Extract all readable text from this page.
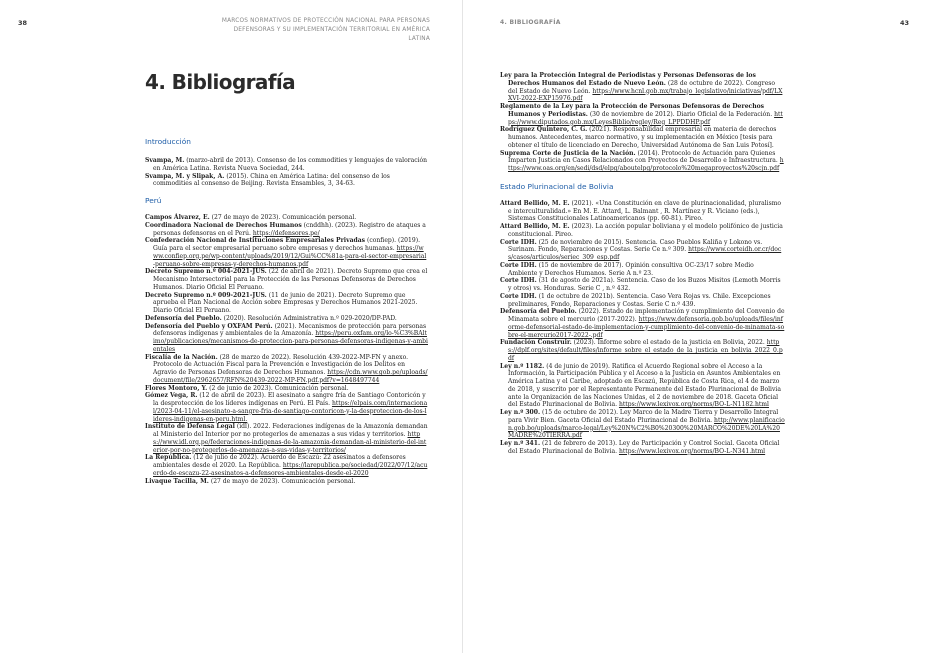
38	MARCOS NORMATIVOS DE PROTECCIÓN NACIONAL PARA PERSONAS DEFENSORAS Y SU IMPLEMENTACIÓN TERRITORIAL EN AMÉRICA LATINA
4. Bibliografía

Introducción

Svampa, M. (marzo-abril de 2013). Consenso de los commodities y lenguajes de valoración en América Latina. Revista Nueva Sociedad, 244.

Svampa, M. y Slipak, A. (2015). China en América Latina: del consenso de los commodities al consenso de Beijing. Revista Ensambles, 3, 34-63.

Perú

Campos Álvarez, E. (27 de mayo de 2023). Comunicación personal.

Coordinadora Nacional de Derechos Humanos (cnddhh). (2023). Registro de ataques a personas defensoras en el Perú. https://defensores.pe/

Confederación Nacional de Instituciones Empresariales Privadas (confiep). (2019). Guía para el sector empresarial peruano sobre empresas y derechos humanas. https://www.confiep.org.pe/wp-content/uploads/2019/12/Gui%CC%81a-para-el-sector-empresarial-peruano-sobre-empresas-y-derechos-humanos.pdf

Decreto Supremo n.º 004-2021-JUS. (22 de abril de 2021). Decreto Supremo que crea el Mecanismo Intersectorial para la Protección de las Personas Defensoras de Derechos Humanos. Diario Oficial El Peruano.

Decreto Supremo n.º 009-2021-JUS. (11 de junio de 2021). Decreto Supremo que aprueba el Plan Nacional de Acción sobre Empresas y Derechos Humanos 2021-2025. Diario Oficial El Peruano.

Defensoría del Pueblo. (2020). Resolución Administrativa n.º 029-2020/DP-PAD.

Defensoría del Pueblo y OXFAM Perú. (2021). Mecanismos de protección para personas defensoras indígenas y ambientales de la Amazonía. https://peru.oxfam.org/lo-%C3%BAltimo/publicaciones/mecanismos-de-proteccion-para-personas-defensoras-indigenas-y-ambientales

Fiscalía de la Nación. (28 de marzo de 2022). Resolución 439-2022-MP-FN y anexo. Protocolo de Actuación Fiscal para la Prevención e Investigación de los Delitos en Agravio de Personas Defensoras de Derechos Humanos. https://cdn.www.gob.pe/uploads/document/file/2962657/RFN%20439-2022-MP-FN.pdf.pdf?v=1648497744

Flores Montoro, Y. (2 de junio de 2023). Comunicación personal.

Gómez Vega, R. (12 de abril de 2023). El asesinato a sangre fría de Santiago Contoricón y la desprotección de los líderes indígenas en Perú. El País. https://elpais.com/internacional/2023-04-11/el-asesinato-a-sangre-fria-de-santiago-contoricon-y-la-desproteccion-de-los-lideres-indigenas-en-peru.html.

Instituto de Defensa Legal (idl). 2022. Federaciones indígenas de la Amazonía demandan al Ministerio del Interior por no protegerlos de amenazas a sus vidas y territorios. https://www.idl.org.pe/federaciones-indigenas-de-la-amazonia-demandan-al-ministerio-del-interior-por-no-protegerlos-de-amenazas-a-sus-vidas-y-territorios/

La República. (12 de julio de 2022). Acuerdo de Escazú: 22 asesinatos a defensores ambientales desde el 2020. La República. https://larepublica.pe/sociedad/2022/07/12/acuerdo-de-escazu-22-asesinatos-a-defensores-ambientales-desde-el-2020

Livaque Tacilla, M. (27 de mayo de 2023). Comunicación personal.

4. BIBLIOGRAFÍA	43

Ley para la Protección Integral de Periodistas y Personas Defensoras de los Derechos Humanos del Estado de Nuevo León. (28 de octubre de 2022). Congreso del Estado de Nuevo León. https://www.hcnl.gob.mx/trabajo_legislativo/iniciativas/pdf/LXXVI-2022-EXP15976.pdf

Reglamento de la Ley para la Protección de Personas Defensoras de Derechos Humanos y Periodistas. (30 de noviembre de 2012). Diario Oficial de la Federación. https://www.diputados.gob.mx/LeyesBiblio/regley/Reg_LPPDDHP.pdf

Rodríguez Quintero, C. G. (2021). Responsabilidad empresarial en materia de derechos humanos. Antecedentes, marco normativo, y su implementación en México [tesis para obtener el título de licenciado en Derecho, Universidad Autónoma de San Luis Potosí].

Suprema Corte de Justicia de la Nación. (2014). Protocolo de Actuación para Quienes Imparten Justicia en Casos Relacionados con Proyectos de Desarrollo e Infraestructura. https://www.oas.org/en/sedi/dsd/elpg/aboutelpg/protocolo%20megaproyectos%20scjn.pdf

Estado Plurinacional de Bolivia

Attard Bellido, M. E. (2021). «Una Constitución en clave de plurinacionalidad, pluralismo e interculturalidad.» En M. E. Attard, L. Balmant , R. Martínez y R. Viciano (eds.), Sistemas Constitucionales Latinoamericanos (pp. 60-81). Pireo.

Attard Bellido, M. E. (2023). La acción popular boliviana y el modelo polifónico de justicia constitucional. Pireo.

Corte IDH. (25 de noviembre de 2015). Sentencia. Caso Pueblos Kaliña y Lokono vs. Surinam. Fondo, Reparaciones y Costas. Serie Ce n.º 309. https://www.corteidh.or.cr/docs/casos/articulos/seriec_309_esp.pdf

Corte IDH. (15 de noviembre de 2017). Opinión consultiva OC-23/17 sobre Medio Ambiente y Derechos Humanos. Serie A n.º 23.

Corte IDH. (31 de agosto de 2021a). Sentencia. Caso de los Buzos Misitos (Lemoth Morris y otros) vs. Honduras. Serie C , n.º 432.

Corte IDH. (1 de octubre de 2021b). Sentencia. Caso Vera Rojas vs. Chile. Excepciones preliminares, Fondo, Reparaciones y Costas. Serie C n.º 439.

Defensoría del Pueblo. (2022). Estado de implementación y cumplimiento del Convenio de Minamata sobre el mercurio (2017-2022). https://www.defensoria.gob.bo/uploads/files/informe-defensorial-estado-de-implementacion-y-cumplimiento-del-convenio-de-minamata-sobre-el-mercurio2017-2022-.pdf

Fundación Construir. (2023). Informe sobre el estado de la justicia en Bolivia, 2022. https://dplf.org/sites/default/files/informe_sobre_el_estado_de_la_justicia_en_bolivia_2022_0.pdf

Ley n.º 1182. (4 de junio de 2019). Ratifica el Acuerdo Regional sobre el Acceso a la Información, la Participación Pública y el Acceso a la Justicia en Asuntos Ambientales en América Latina y el Caribe, adoptado en Escazú, República de Costa Rica, el 4 de marzo de 2018, y suscrito por el Representante Permanente del Estado Plurinacional de Bolivia ante la Organización de las Naciones Unidas, el 2 de noviembre de 2018. Gaceta Oficial del Estado Plurinacional de Bolivia. https://www.lexivox.org/norms/BO-L-N1182.html

Ley n.º 300. (15 de octubre de 2012). Ley Marco de la Madre Tierra y Desarrollo Integral para Vivir Bien. Gaceta Oficial del Estado Plurinacional de Bolivia. http://www.planificacion.gob.bo/uploads/marco-legal/Ley%20N%C2%B0%20300%20MARCO%20DE%20LA%20MADRE%20TIERRA.pdf

Ley n.º 341. (21 de febrero de 2013). Ley de Participación y Control Social. Gaceta Oficial del Estado Plurinacional de Bolivia. https://www.lexivox.org/norms/BO-L-N341.html
